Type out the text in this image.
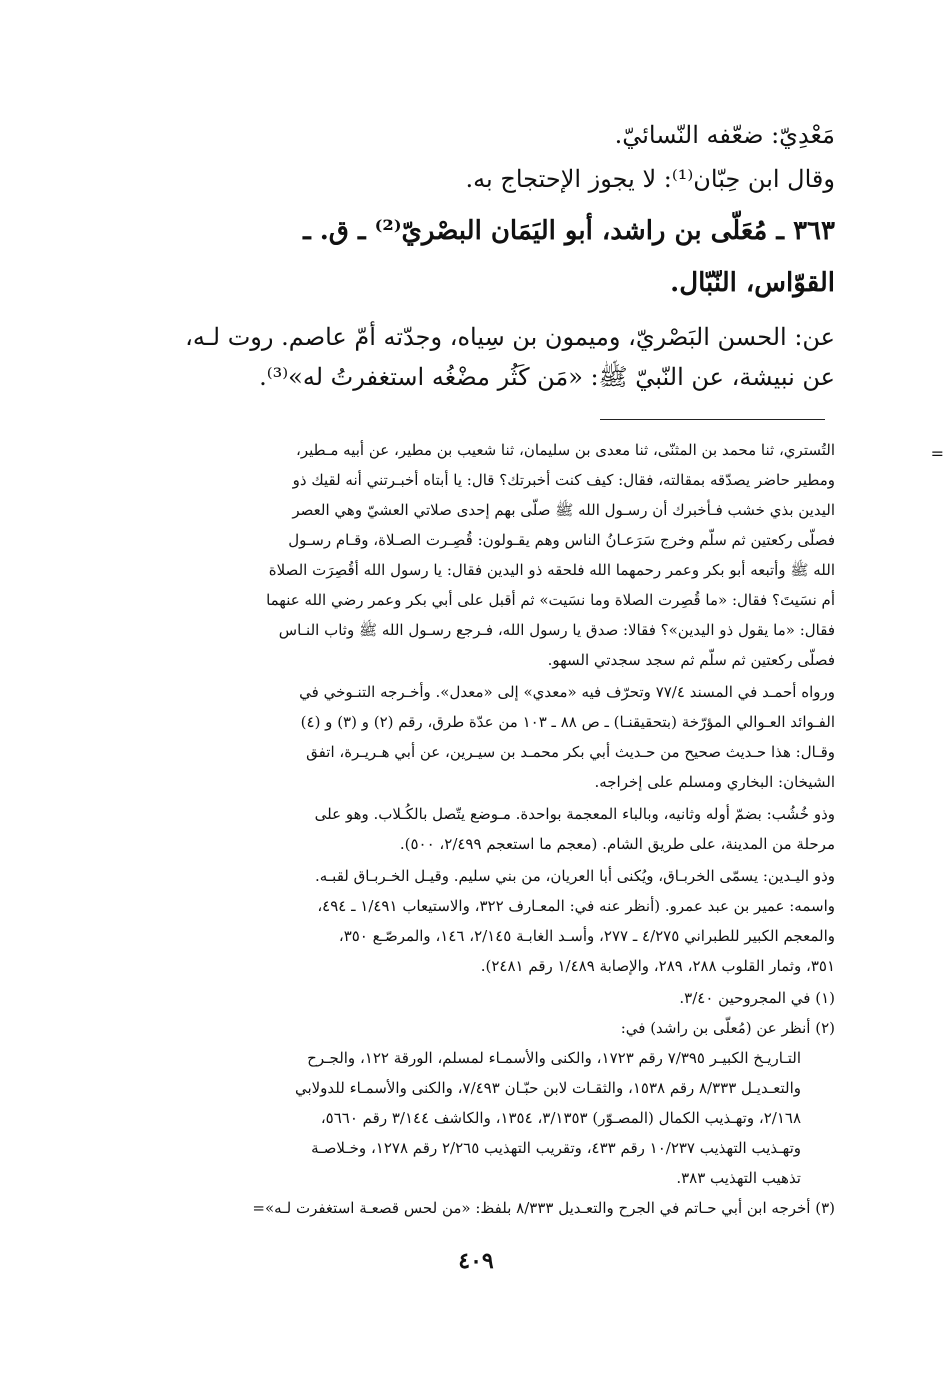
مَعْدِيّ: ضعّفه النّسائيّ.
وقال ابن حِبّان⁽¹⁾: لا يجوز الإحتجاج به.
٣٦٣ ـ مُعَلّى بن راشد، أبو اليَمَان البصْريّ⁽²⁾ ـ ق. ـ
القوّاس، النّبّال.
عن: الحسن البَصْريّ، وميمون بن سِياه، وجدّته أمّ عاصم. روت لـه،
عن نبيشة، عن النّبيّ ﷺ: «مَن كَثُر مضْغُه استغفرتُ له»⁽³⁾.
=
التُستري، ثنا محمد بن المثنّى، ثنا معدى بن سليمان، ثنا شعيب بن مطير، عن أبيه مـطير،
ومطير حاضر يصدّقه بمقالته، فقال: كيف كنت أخبرتك؟ قال: يا أبتاه أخبـرتني أنه لقيك ذو
اليدين بذي خشب فـأخبرك أن رسـول الله ﷺ صلّى بهم إحدى صلاتي العشيّ وهي العصر
فصلّى ركعتين ثم سلّم وخرج سَرَعـانُ الناس وهم يقـولون: قُصِـرت الصـلاة، وقـام رسـول
الله ﷺ وأتبعه أبو بكر وعمر رحمهما الله فلحقه ذو اليدين فقال: يا رسول الله أقُصِرَت الصلاة
أم نسَيتَ؟ فقال: «ما قُصِرت الصلاة وما نسَيت» ثم أقبل على أبي بكر وعمر رضي الله عنهما
فقال: «ما يقول ذو اليدين»؟ فقالا: صدق يا رسول الله، فـرجع رسـول الله ﷺ وثاب النـاس
فصلّى ركعتين ثم سلّم ثم سجد سجدتي السهو.
ورواه أحمـد في المسند ٧٧/٤ وتحرّف فيه «معدي» إلى «معدل». وأخـرجه التنـوخي في
الفـوائد العـوالي المؤرّخة (بتحقيقنـا) ـ ص ٨٨ ـ ١٠٣ من عدّة طرق، رقم (٢) و (٣) و (٤)
وقـال: هذا حـديث صحيح من حـديث أبي بكر محمـد بن سيـرين، عن أبي هـريـرة، اتفق
الشيخان: البخاري ومسلم على إخراجه.
وذو خُشُب: بضمّ أوله وثانيه، وبالباء المعجمة بواحدة. مـوضع يتّصل بالكُـلاب. وهو على
مرحلة من المدينة، على طريق الشام. (معجم ما استعجم ٢/٤٩٩، ٥٠٠).
وذو اليـدين: يسمّى الخربـاق، ويُكنى أبا العريان، من بني سليم. وقيـل الخـربـاق لقبـه.
واسمه: عمير بن عبد عمرو. (أنظر عنه في: المعـارف ٣٢٢، والاستيعاب ١/٤٩١ ـ ٤٩٤،
والمعجم الكبير للطبراني ٤/٢٧٥ ـ ٢٧٧، وأسـد الغابـة ٢/١٤٥، ١٤٦، والمرصّـع ٣٥٠،
٣٥١، وثمار القلوب ٢٨٨، ٢٨٩، والإصابة ١/٤٨٩ رقم ٢٤٨١).
(١) في المجروحين ٣/٤٠.
(٢) أنظر عن (مُعلّى بن راشد) في:
التـاريـخ الكبيـر ٧/٣٩٥ رقم ١٧٢٣، والكنى والأسمـاء لمسلم، الورقة ١٢٢، والجـرح
والتعـديـل ٨/٣٣٣ رقم ١٥٣٨، والثقـات لابن حبّـان ٧/٤٩٣، والكنى والأسمـاء للدولابي
٢/١٦٨، وتهـذيب الكمال (المصـوّر) ٣/١٣٥٣، ١٣٥٤، والكاشف ٣/١٤٤ رقم ٥٦٦٠،
وتهـذيب التهذيب ١٠/٢٣٧ رقم ٤٣٣، وتقريب التهذيب ٢/٢٦٥ رقم ١٢٧٨، وخـلاصـة
تذهيب التهذيب ٣٨٣.
(٣) أخرجه ابن أبي حـاتم في الجرح والتعـديل ٨/٣٣٣ بلفظ: «من لحس قصعـة استغفرت لـه»=
٤٠٩
